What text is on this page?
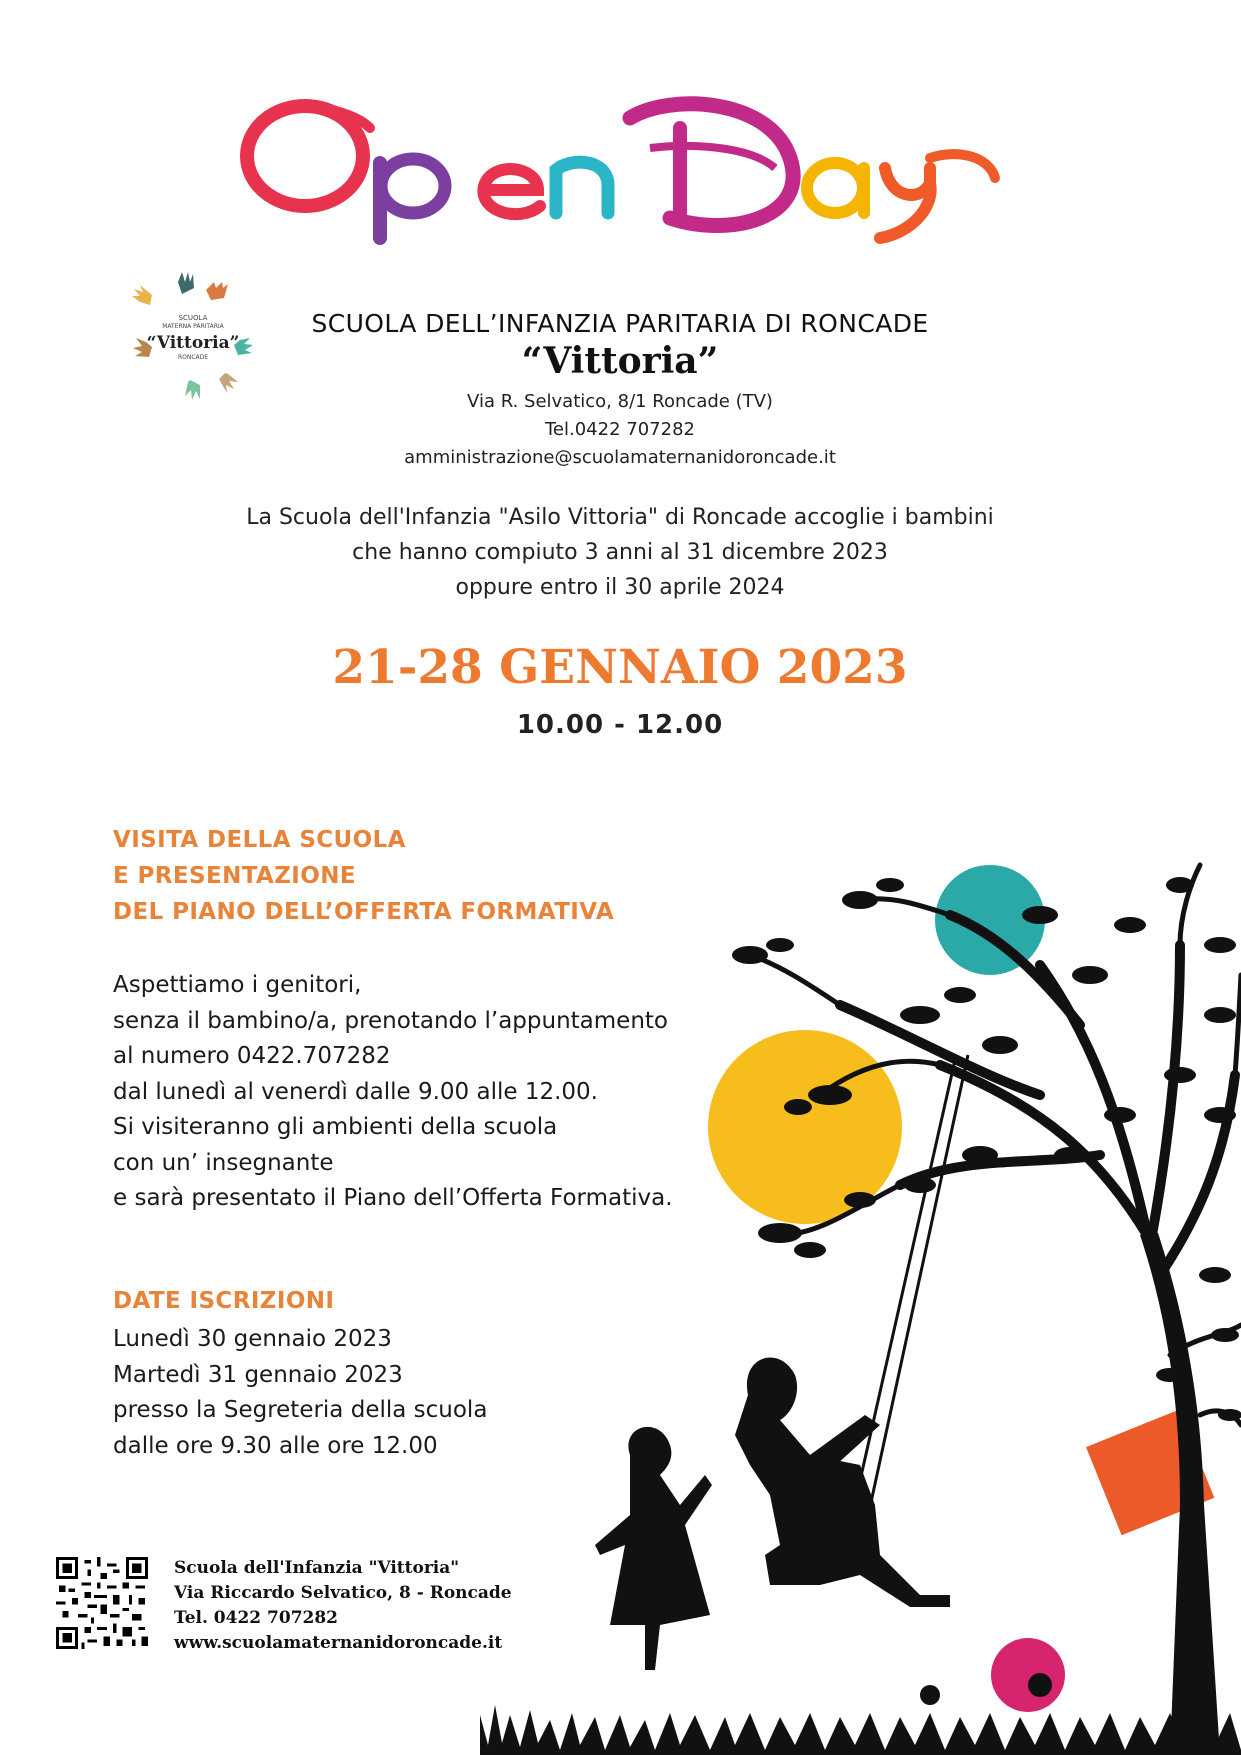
SCUOLA
MATERNA PARITARIA
“Vittoria”
RONCADE
SCUOLA DELL’INFANZIA PARITARIA DI RONCADE
“Vittoria”
Via R. Selvatico, 8/1 Roncade (TV)
Tel.0422 707282
amministrazione@scuolamaternanidoroncade.it
La Scuola dell'Infanzia "Asilo Vittoria" di Roncade accoglie i bambini
che hanno compiuto 3 anni al 31 dicembre 2023
oppure entro il 30 aprile 2024
21-28 GENNAIO 2023
10.00 - 12.00
VISITA DELLA SCUOLA
E PRESENTAZIONE
DEL PIANO DELL’OFFERTA FORMATIVA
Aspettiamo i genitori,
senza il bambino/a, prenotando l’appuntamento
al numero 0422.707282
dal lunedì al venerdì dalle 9.00 alle 12.00.
Si visiteranno gli ambienti della scuola
con un’ insegnante
e sarà presentato il Piano dell’Offerta Formativa.
DATE ISCRIZIONI
Lunedì 30 gennaio 2023
Martedì 31 gennaio 2023
presso la Segreteria della scuola
dalle ore 9.30 alle ore 12.00
Scuola dell'Infanzia "Vittoria"
Via Riccardo Selvatico, 8 - Roncade
Tel. 0422 707282
www.scuolamaternanidoroncade.it
